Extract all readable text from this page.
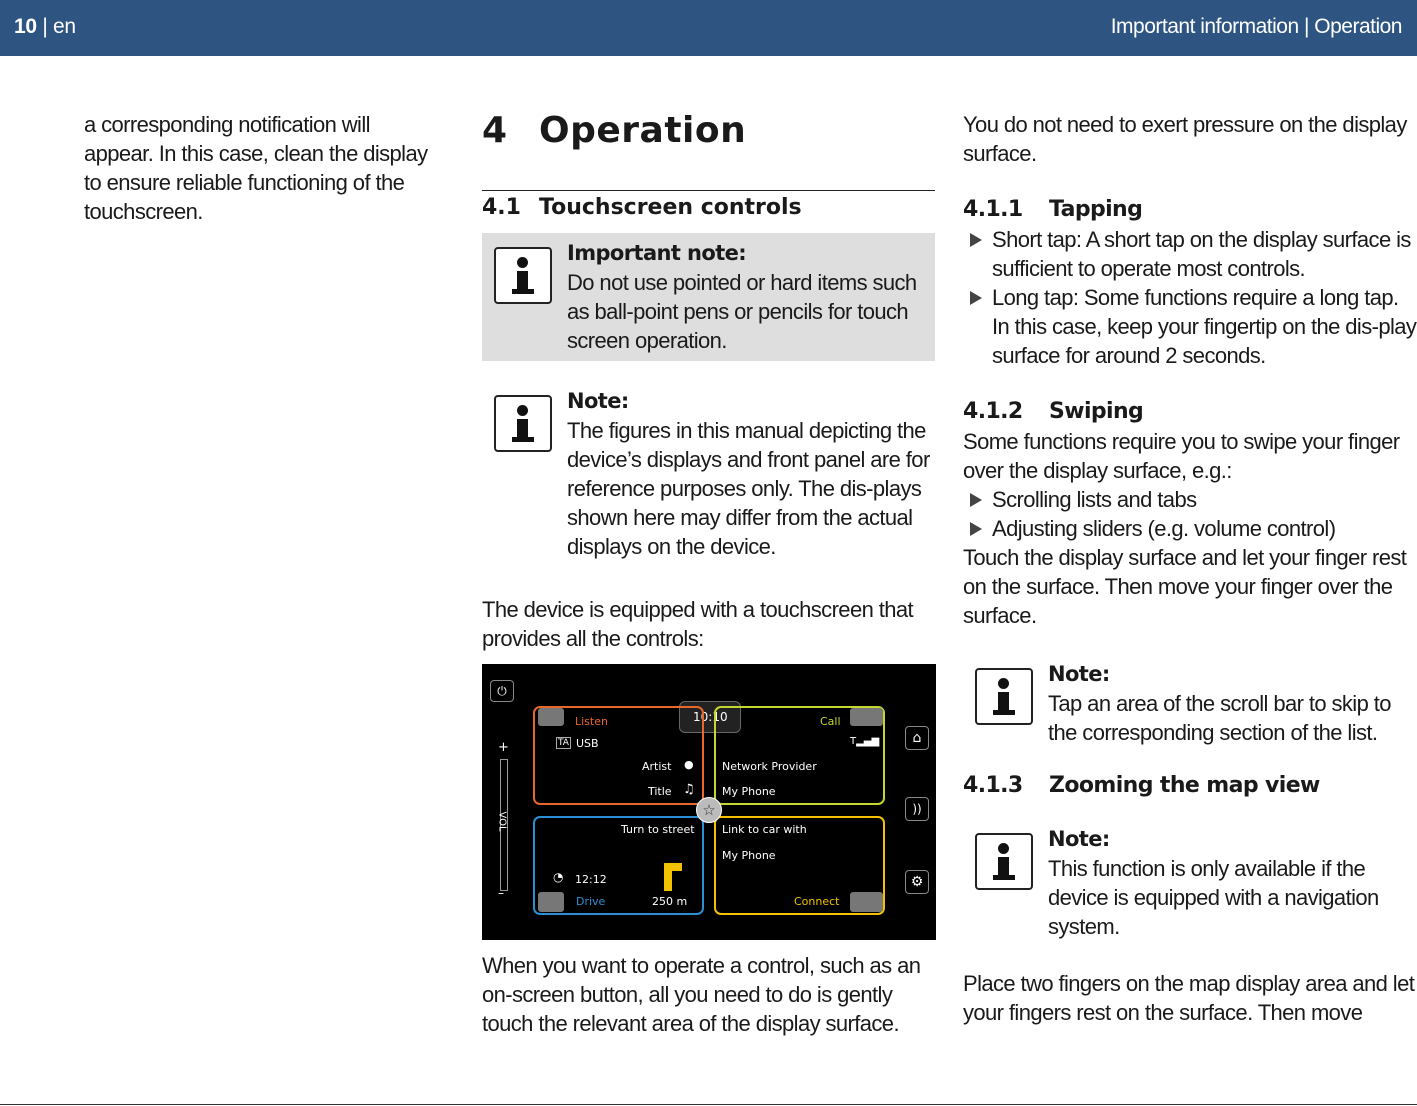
10 | en	Important information | Operation
a corresponding notification will appear. In this case, clean the display to ensure reliable functioning of the touchscreen.
4 Operation
4.1 Touchscreen controls
Important note:
Do not use pointed or hard items such as ball-point pens or pencils for touch screen operation.
Note:
The figures in this manual depicting the device’s displays and front panel are for reference purposes only. The dis-plays shown here may differ from the actual displays on the device.
The device is equipped with a touchscreen that provides all the controls:
⏻
+
VOL
–
10:10
Listen
TA USB
Artist ●
Title ♫
Call
T▂▄▆
Network Provider
My Phone
☆
Turn to street
◔ 12:12
Drive	250 m
Link to car with
My Phone
Connect
⌂
))
⚙
When you want to operate a control, such as an on-screen button, all you need to do is gently touch the relevant area of the display surface.
You do not need to exert pressure on the display surface.
4.1.1 Tapping
Short tap: A short tap on the display surface is sufficient to operate most controls.
Long tap: Some functions require a long tap. In this case, keep your fingertip on the dis-play surface for around 2 seconds.
4.1.2 Swiping
Some functions require you to swipe your finger over the display surface, e.g.:
Scrolling lists and tabs
Adjusting sliders (e.g. volume control)
Touch the display surface and let your finger rest on the surface. Then move your finger over the surface.
Note:
Tap an area of the scroll bar to skip to the corresponding section of the list.
4.1.3 Zooming the map view
Note:
This function is only available if the device is equipped with a navigation system.
Place two fingers on the map display area and let your fingers rest on the surface. Then move
